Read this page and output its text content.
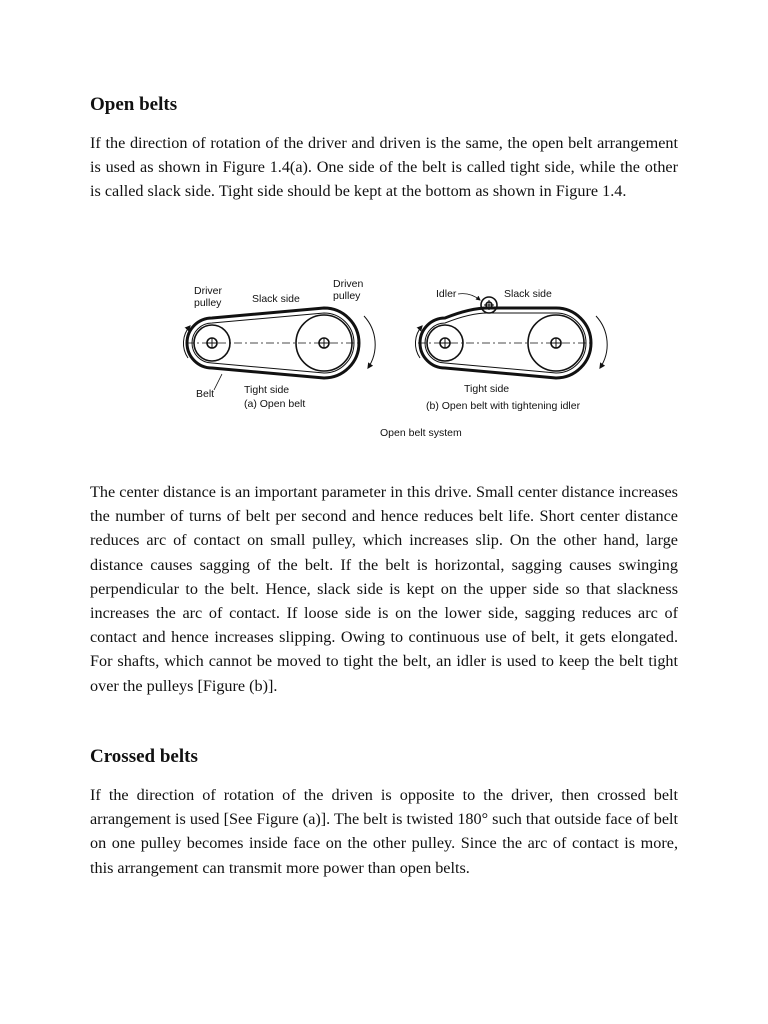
Open belts

If the direction of rotation of the driver and driven is the same, the open belt arrangement is used as shown in Figure 1.4(a). One side of the belt is called tight side, while the other is called slack side. Tight side should be kept at the bottom as shown in Figure 1.4.

Driver
pulley	Slack side
Driven
pulley
Belt	Tight side
(a) Open belt
Idler	Slack side
Tight side
(b) Open belt with tightening idler
Open belt system

The center distance is an important parameter in this drive. Small center distance increases the number of turns of belt per second and hence reduces belt life. Short center distance reduces arc of contact on small pulley, which increases slip. On the other hand, large distance causes sagging of the belt. If the belt is horizontal, sagging causes swinging perpendicular to the belt. Hence, slack side is kept on the upper side so that slackness increases the arc of contact. If loose side is on the lower side, sagging reduces arc of contact and hence increases slipping. Owing to continuous use of belt, it gets elongated. For shafts, which cannot be moved to tight the belt, an idler is used to keep the belt tight over the pulleys [Figure (b)].

Crossed belts

If the direction of rotation of the driven is opposite to the driver, then crossed belt arrangement is used [See Figure (a)]. The belt is twisted 180° such that outside face of belt on one pulley becomes inside face on the other pulley. Since the arc of contact is more, this arrangement can transmit more power than open belts.
